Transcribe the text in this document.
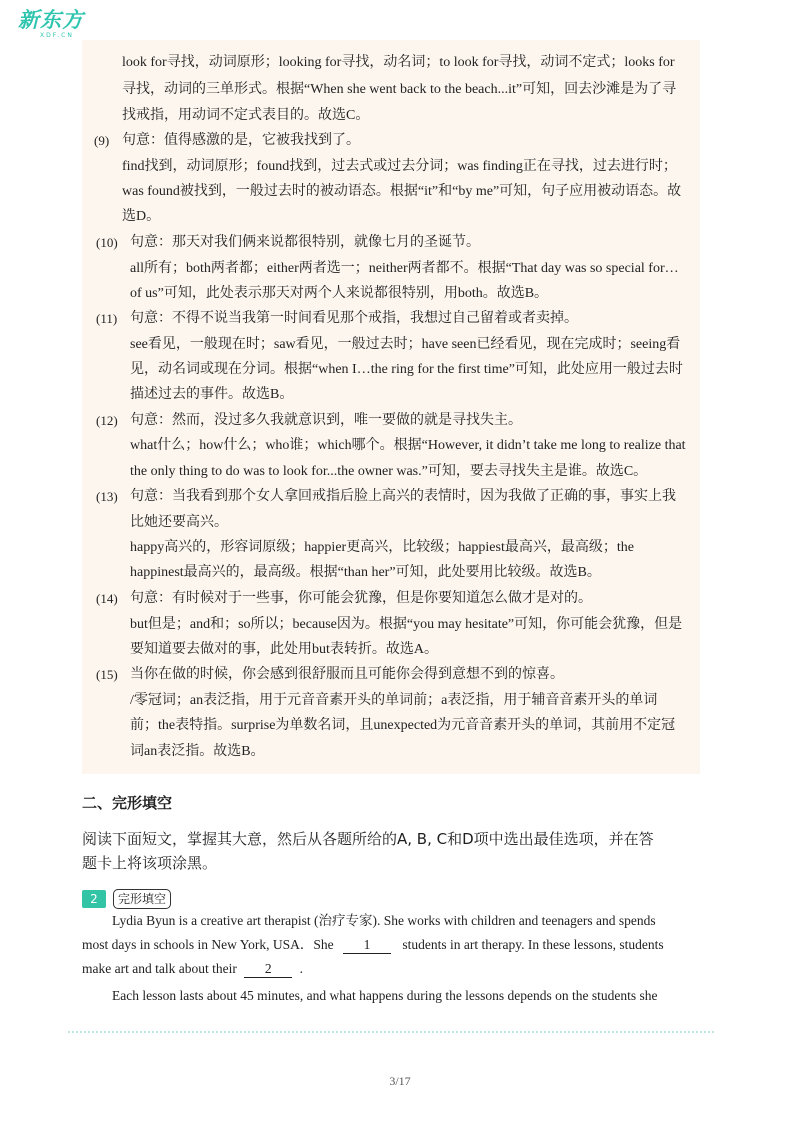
新东方
XDF.CN
look for寻找，动词原形；looking for寻找，动名词；to look for寻找，动词不定式；looks for
寻找，动词的三单形式。根据“When she went back to the beach...it”可知，回去沙滩是为了寻
找戒指，用动词不定式表目的。故选C。
(9) 句意：值得感激的是，它被我找到了。
find找到，动词原形；found找到，过去式或过去分词；was finding正在寻找，过去进行时；
was found被找到，一般过去时的被动语态。根据“it”和“by me”可知，句子应用被动语态。故
选D。
(10) 句意：那天对我们俩来说都很特别，就像七月的圣诞节。
all所有；both两者都；either两者选一；neither两者都不。根据“That day was so special for…
of us”可知，此处表示那天对两个人来说都很特别，用both。故选B。
(11) 句意：不得不说当我第一时间看见那个戒指，我想过自己留着或者卖掉。
see看见，一般现在时；saw看见，一般过去时；have seen已经看见，现在完成时；seeing看
见，动名词或现在分词。根据“when I…the ring for the first time”可知，此处应用一般过去时
描述过去的事件。故选B。
(12) 句意：然而，没过多久我就意识到，唯一要做的就是寻找失主。
what什么；how什么；who谁；which哪个。根据“However, it didn’t take me long to realize that
the only thing to do was to look for...the owner was.”可知，要去寻找失主是谁。故选C。
(13) 句意：当我看到那个女人拿回戒指后脸上高兴的表情时，因为我做了正确的事，事实上我
比她还要高兴。
happy高兴的，形容词原级；happier更高兴，比较级；happiest最高兴，最高级；the
happinest最高兴的，最高级。根据“than her”可知，此处要用比较级。故选B。
(14) 句意：有时候对于一些事，你可能会犹豫，但是你要知道怎么做才是对的。
but但是；and和；so所以；because因为。根据“you may hesitate”可知，你可能会犹豫，但是
要知道要去做对的事，此处用but表转折。故选A。
(15) 当你在做的时候，你会感到很舒服而且可能你会得到意想不到的惊喜。
/零冠词；an表泛指，用于元音音素开头的单词前；a表泛指，用于辅音音素开头的单词
前；the表特指。surprise为单数名词，且unexpected为元音音素开头的单词，其前用不定冠
词an表泛指。故选B。
二、完形填空
阅读下面短文，掌握其大意，然后从各题所给的A, B, C和D项中选出最佳选项，并在答
题卡上将该项涂黑。
2	完形填空
Lydia Byun is a creative art therapist (治疗专家). She works with children and teenagers and spends
most days in schools in New York, USA．She 1 students in art therapy. In these lessons, students
make art and talk about their 2 .
Each lesson lasts about 45 minutes, and what happens during the lessons depends on the students she
3/17
